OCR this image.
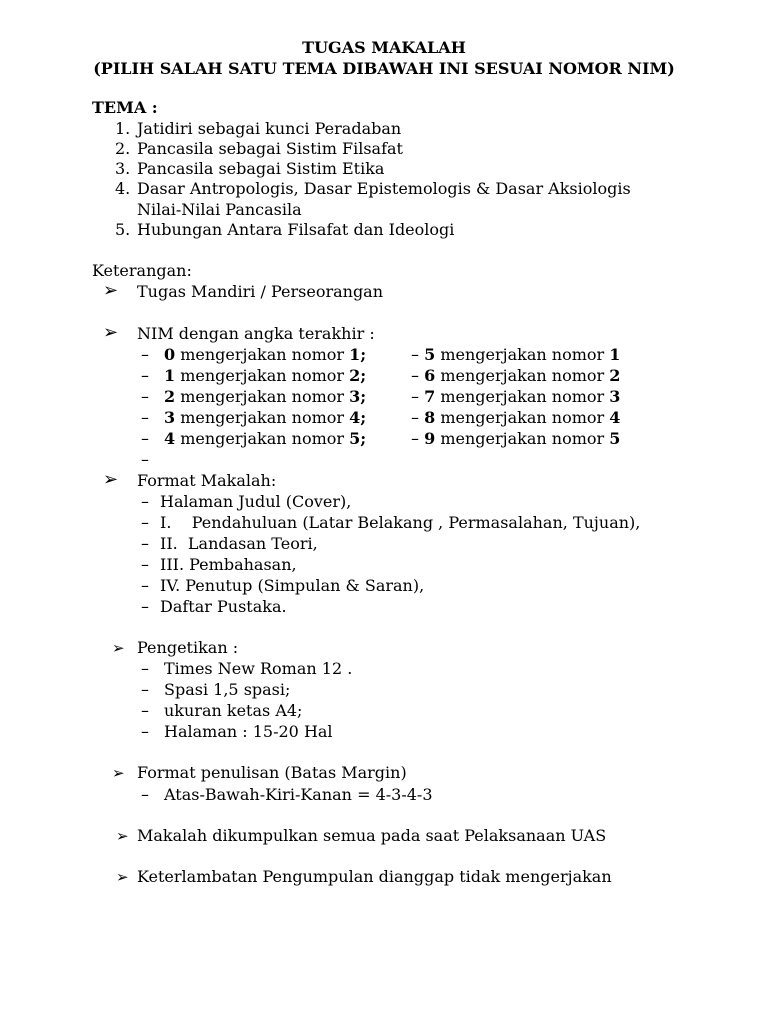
TUGAS MAKALAH
(PILIH SALAH SATU TEMA DIBAWAH INI SESUAI NOMOR NIM)
TEMA :
1. Jatidiri sebagai kunci Peradaban
2. Pancasila sebagai Sistim Filsafat
3. Pancasila sebagai Sistim Etika
4. Dasar Antropologis, Dasar Epistemologis & Dasar Aksiologis
Nilai-Nilai Pancasila
5. Hubungan Antara Filsafat dan Ideologi
Keterangan:
➢ Tugas Mandiri / Perseorangan
➢ NIM dengan angka terakhir :
– 0 mengerjakan nomor 1;	– 5 mengerjakan nomor 1
– 1 mengerjakan nomor 2;	– 6 mengerjakan nomor 2
– 2 mengerjakan nomor 3;	– 7 mengerjakan nomor 3
– 3 mengerjakan nomor 4;	– 8 mengerjakan nomor 4
– 4 mengerjakan nomor 5;	– 9 mengerjakan nomor 5
–
➢ Format Makalah:
– Halaman Judul (Cover),
– I.    Pendahuluan (Latar Belakang , Permasalahan, Tujuan),
– II.  Landasan Teori,
– III. Pembahasan,
– IV. Penutup (Simpulan & Saran),
– Daftar Pustaka.
➢ Pengetikan :
– Times New Roman 12 .
– Spasi 1,5 spasi;
– ukuran ketas A4;
– Halaman : 15-20 Hal
➢ Format penulisan (Batas Margin)
– Atas-Bawah-Kiri-Kanan = 4-3-4-3
➢ Makalah dikumpulkan semua pada saat Pelaksanaan UAS
➢ Keterlambatan Pengumpulan dianggap tidak mengerjakan
